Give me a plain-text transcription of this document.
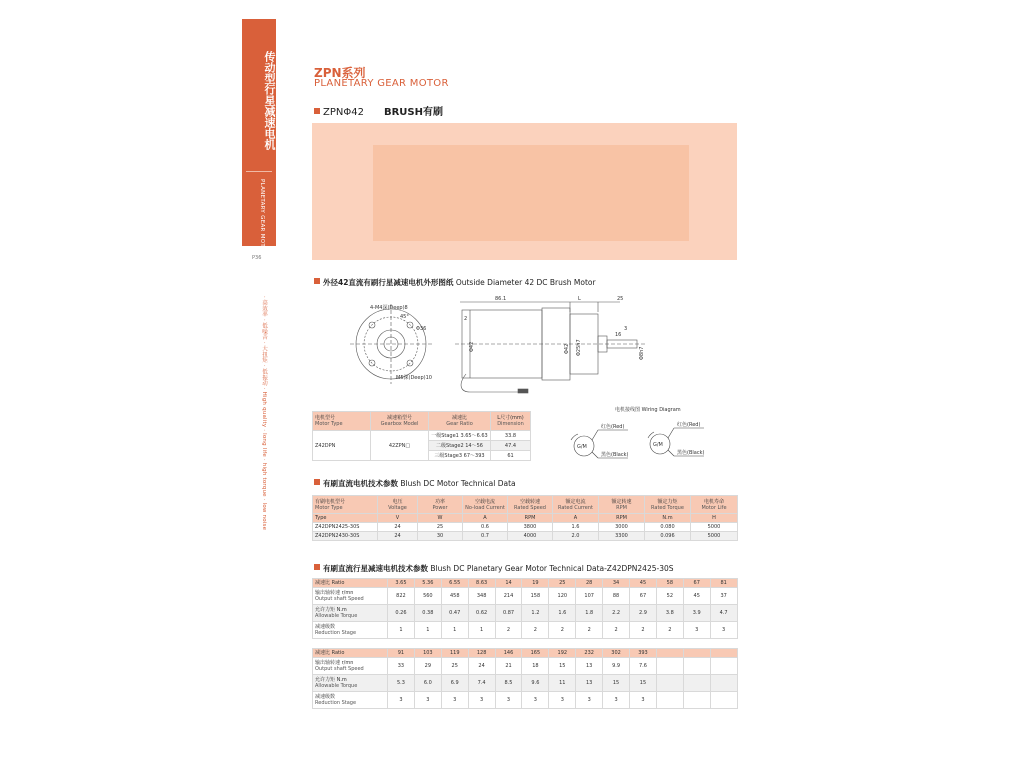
传动型行星减速电机
PLANETARY GEAR MOTOR
P36
· 高效率 · 低噪音 · 大扭矩 · 低振动 · High quality · long life · high torque · low noise
ZPN系列
PLANETARY GEAR MOTOR
ZPNΦ42 BRUSH有刷
外径42直流有刷行星减速电机外形图纸 Outside Diameter 42 DC Brush Motor
4-M4深(Deep)8
45°
Φ36
M5深(Deep)10
86.1	L	25
2
Φ42	Φ42 Φ25h7
3
16
Φ8h7
电机接线图 Wiring Diagram
G/M
红色(Red)
黑色(Black)
G/M
红色(Red)
黑色(Black)
电机型号
Motor Type	减速箱型号
Gearbox Model	减速比
Gear Ratio	L尺寸(mm)
Dimension

Z42DPN	42ZPN□	一级Stage1 3.65～6.63	33.8
		二级Stage2 14～56	47.4
		三级Stage3 67～393	61
有刷直流电机技术参数 Blush DC Motor Technical Data
有刷电机型号
Motor Type	电压
Voltage	功率
Power	空载电流
No-load Current	空载转速
Rated Speed	额定电流
Rated Current	额定转速
RPM	额定力矩
Rated Torque	电机寿命
Motor Life

Type	V	W	A	RPM	A	RPM	N.m	H
Z42DPN2425-30S	24	25	0.6	3800	1.6	3000	0.080	5000
Z42DPN2430-30S	24	30	0.7	4000	2.0	3300	0.096	5000
有刷直流行星减速电机技术参数 Blush DC Planetary Gear Motor Technical Data-Z42DPN2425-30S
减速比 Ratio	3.65	5.36	6.55	8.63	14	19	25	28	34	45	58	67	81

输出轴转速 r/mn
Output shaft Speed	822	560	458	348	214	158	120	107	88	67	52	45	37

允许力矩 N.m
Allowable Torque	0.26	0.38	0.47	0.62	0.87	1.2	1.6	1.8	2.2	2.9	3.8	3.9	4.7

减速级数
Reduction Stage	1	1	1	1	2	2	2	2	2	2	2	3	3

减速比 Ratio	91	103	119	128	146	165	192	232	302	393			

输出轴转速 r/mn
Output shaft Speed	33	29	25	24	21	18	15	13	9.9	7.6			

允许力矩 N.m
Allowable Torque	5.3	6.0	6.9	7.4	8.5	9.6	11	13	15	15			

减速级数
Reduction Stage	3	3	3	3	3	3	3	3	3	3			
